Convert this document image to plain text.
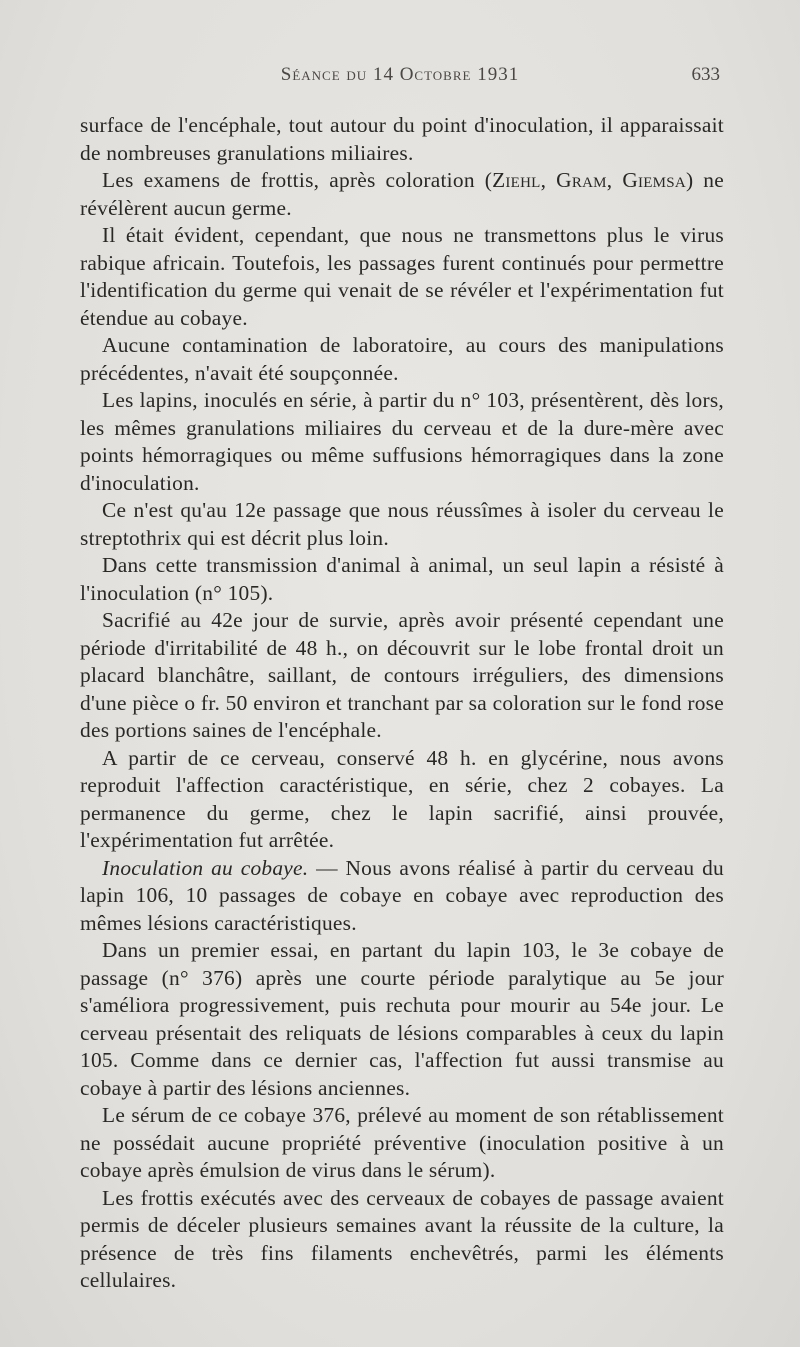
Séance du 14 Octobre 1931	633

surface de l'encéphale, tout autour du point d'inoculation, il apparaissait de nombreuses granulations miliaires.

Les examens de frottis, après coloration (Ziehl, Gram, Giemsa) ne révélèrent aucun germe.

Il était évident, cependant, que nous ne transmettons plus le virus rabique africain. Toutefois, les passages furent continués pour permettre l'identification du germe qui venait de se révéler et l'expérimentation fut étendue au cobaye.

Aucune contamination de laboratoire, au cours des manipulations précédentes, n'avait été soupçonnée.

Les lapins, inoculés en série, à partir du n° 103, présentèrent, dès lors, les mêmes granulations miliaires du cerveau et de la dure-mère avec points hémorragiques ou même suffusions hémorragiques dans la zone d'inoculation.

Ce n'est qu'au 12e passage que nous réussîmes à isoler du cerveau le streptothrix qui est décrit plus loin.

Dans cette transmission d'animal à animal, un seul lapin a résisté à l'inoculation (n° 105).

Sacrifié au 42e jour de survie, après avoir présenté cependant une période d'irritabilité de 48 h., on découvrit sur le lobe frontal droit un placard blanchâtre, saillant, de contours irréguliers, des dimensions d'une pièce o fr. 50 environ et tranchant par sa coloration sur le fond rose des portions saines de l'encéphale.

A partir de ce cerveau, conservé 48 h. en glycérine, nous avons reproduit l'affection caractéristique, en série, chez 2 cobayes. La permanence du germe, chez le lapin sacrifié, ainsi prouvée, l'expérimentation fut arrêtée.

Inoculation au cobaye. — Nous avons réalisé à partir du cerveau du lapin 106, 10 passages de cobaye en cobaye avec reproduction des mêmes lésions caractéristiques.

Dans un premier essai, en partant du lapin 103, le 3e cobaye de passage (n° 376) après une courte période paralytique au 5e jour s'améliora progressivement, puis rechuta pour mourir au 54e jour. Le cerveau présentait des reliquats de lésions comparables à ceux du lapin 105. Comme dans ce dernier cas, l'affection fut aussi transmise au cobaye à partir des lésions anciennes.

Le sérum de ce cobaye 376, prélevé au moment de son rétablissement ne possédait aucune propriété préventive (inoculation positive à un cobaye après émulsion de virus dans le sérum).

Les frottis exécutés avec des cerveaux de cobayes de passage avaient permis de déceler plusieurs semaines avant la réussite de la culture, la présence de très fins filaments enchevêtrés, parmi les éléments cellulaires.
